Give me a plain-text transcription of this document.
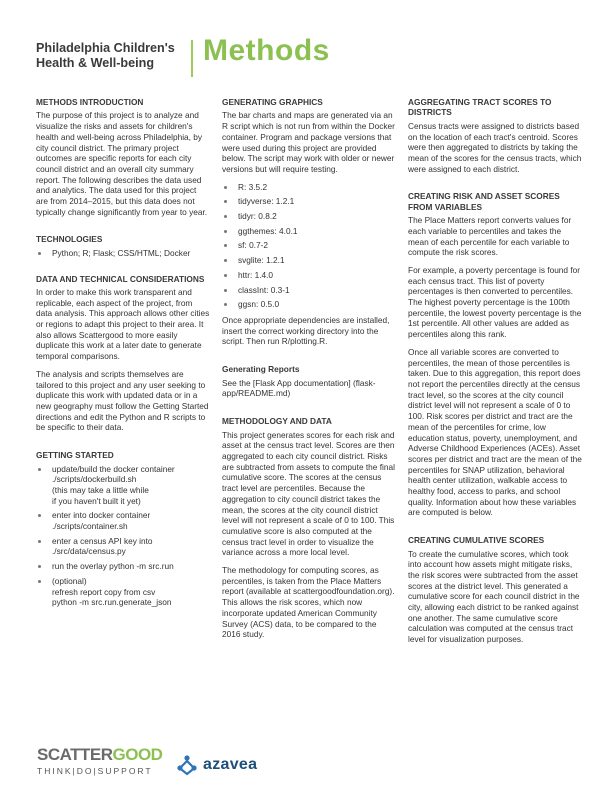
Philadelphia Children's Health & Well-being	Methods
METHODS INTRODUCTION

The purpose of this project is to analyze and visualize the risks and assets for children's health and well-being across Philadelphia, by city council district. The primary project outcomes are specific reports for each city council district and an overall city summary report. The following describes the data used and analytics. The data used for this project are from 2014–2015, but this data does not typically change significantly from year to year.

TECHNOLOGIES
• Python; R; Flask; CSS/HTML; Docker
DATA AND TECHNICAL CONSIDERATIONS

In order to make this work transparent and replicable, each aspect of the project, from data analysis. This approach allows other cities or regions to adapt this project to their area. It also allows Scattergood to more easily duplicate this work at a later date to generate temporal comparisons.

The analysis and scripts themselves are tailored to this project and any user seeking to duplicate this work with updated data or in a new geography must follow the Getting Started directions and edit the Python and R scripts to be specific to their data.

GETTING STARTED
• update/build the docker container
./scripts/dockerbuild.sh
(this may take a little while
if you haven't built it yet)
• enter into docker container
./scripts/container.sh
• enter a census API key into
./src/data/census.py
• run the overlay python -m src.run
• (optional)
refresh report copy from csv
python -m src.run.generate_json
GENERATING GRAPHICS

The bar charts and maps are generated via an R script which is not run from within the Docker container. Program and package versions that were used during this project are provided below. The script may work with older or newer versions but will require testing.

• R: 3.5.2
• tidyverse: 1.2.1
• tidyr: 0.8.2
• ggthemes: 4.0.1
• sf: 0.7-2
• svglite: 1.2.1
• httr: 1.4.0
• classInt: 0.3-1
• ggsn: 0.5.0

Once appropriate dependencies are installed, insert the correct working directory into the script. Then run R/plotting.R.

Generating Reports

See the [Flask App documentation] (flask-app/README.md)

METHODOLOGY AND DATA

This project generates scores for each risk and asset at the census tract level. Scores are then aggregated to each city council district. Risks are subtracted from assets to compute the final cumulative score. The scores at the census tract level are percentiles. Because the aggregation to city council district takes the mean, the scores at the city council district level will not represent a scale of 0 to 100. This cumulative score is also computed at the census tract level in order to visualize the variance across a more local level.

The methodology for computing scores, as percentiles, is taken from the Place Matters report (available at scattergoodfoundation.org). This allows the risk scores, which now incorporate updated American Community Survey (ACS) data, to be compared to the 2016 study.

AGGREGATING TRACT SCORES TO DISTRICTS

Census tracts were assigned to districts based on the location of each tract's centroid. Scores were then aggregated to districts by taking the mean of the scores for the census tracts, which were assigned to each district.

CREATING RISK AND ASSET SCORES FROM VARIABLES

The Place Matters report converts values for each variable to percentiles and takes the mean of each percentile for each variable to compute the risk scores.

For example, a poverty percentage is found for each census tract. This list of poverty percentages is then converted to percentiles. The highest poverty percentage is the 100th percentile, the lowest poverty percentage is the 1st percentile. All other values are added as percentiles along this rank.

Once all variable scores are converted to percentiles, the mean of those percentiles is taken. Due to this aggregation, this report does not report the percentiles directly at the census tract level, so the scores at the city council district level will not represent a scale of 0 to 100. Risk scores per district and tract are the mean of the percentiles for crime, low education status, poverty, unemployment, and Adverse Childhood Experiences (ACEs). Asset scores per district and tract are the mean of the percentiles for SNAP utilization, behavioral health center utilization, walkable access to healthy food, access to parks, and school quality. Information about how these variables are computed is below.

CREATING CUMULATIVE SCORES

To create the cumulative scores, which took into account how assets might mitigate risks, the risk scores were subtracted from the asset scores at the district level. This generated a cumulative score for each council district in the city, allowing each district to be ranked against one another. The same cumulative score calculation was computed at the census tract level for visualization purposes.

SCATTERGOOD
THINK|DO|SUPPORT	azavea
